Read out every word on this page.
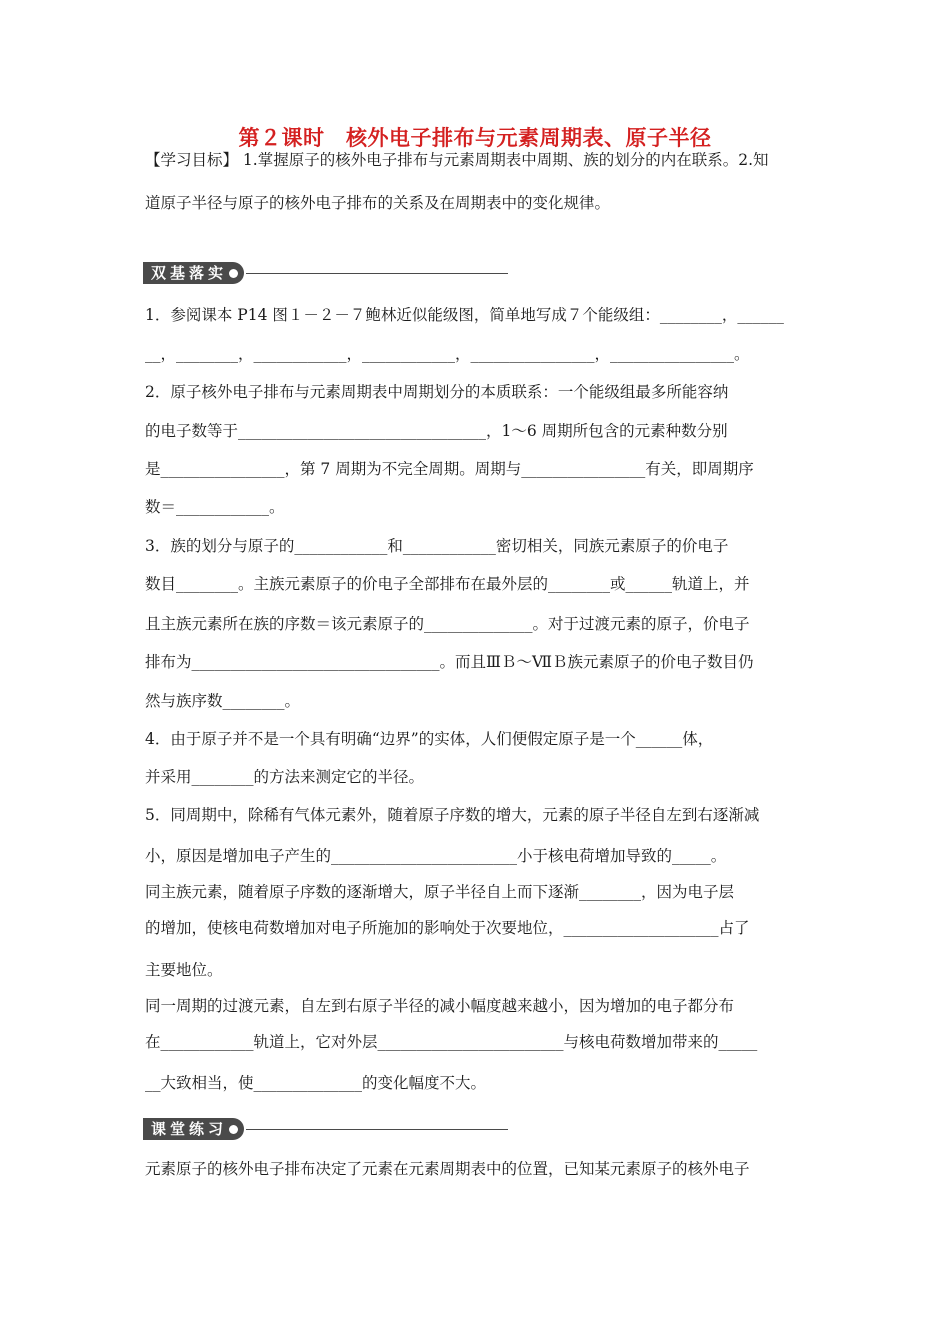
第２课时　核外电子排布与元素周期表、原子半径
【学习目标】 1.掌握原子的核外电子排布与元素周期表中周期、族的划分的内在联系。2.知
道原子半径与原子的核外电子排布的关系及在周期表中的变化规律。
双基落实
1．参阅课本 P14 图１－２－７鲍林近似能级图，简单地写成７个能级组：________，______
__，________，____________，____________，________________，________________。
2．原子核外电子排布与元素周期表中周期划分的本质联系：一个能级组最多所能容纳
的电子数等于________________________________，1～6 周期所包含的元素种数分别
是________________，第 7 周期为不完全周期。周期与________________有关，即周期序
数＝____________。
3．族的划分与原子的____________和____________密切相关，同族元素原子的价电子
数目________。主族元素原子的价电子全部排布在最外层的________或______轨道上，并
且主族元素所在族的序数＝该元素原子的______________。对于过渡元素的原子，价电子
排布为________________________________。而且ⅢＢ～ⅦＢ族元素原子的价电子数目仍
然与族序数________。
4．由于原子并不是一个具有明确“边界”的实体，人们便假定原子是一个______体，
并采用________的方法来测定它的半径。
5．同周期中，除稀有气体元素外，随着原子序数的增大，元素的原子半径自左到右逐渐减
小，原因是增加电子产生的________________________小于核电荷增加导致的_____。
同主族元素，随着原子序数的逐渐增大，原子半径自上而下逐渐________，因为电子层
的增加，使核电荷数增加对电子所施加的影响处于次要地位，____________________占了
主要地位。
同一周期的过渡元素，自左到右原子半径的减小幅度越来越小，因为增加的电子都分布
在____________轨道上，它对外层________________________与核电荷数增加带来的_____
__大致相当，使______________的变化幅度不大。
课堂练习
元素原子的核外电子排布决定了元素在元素周期表中的位置，已知某元素原子的核外电子
